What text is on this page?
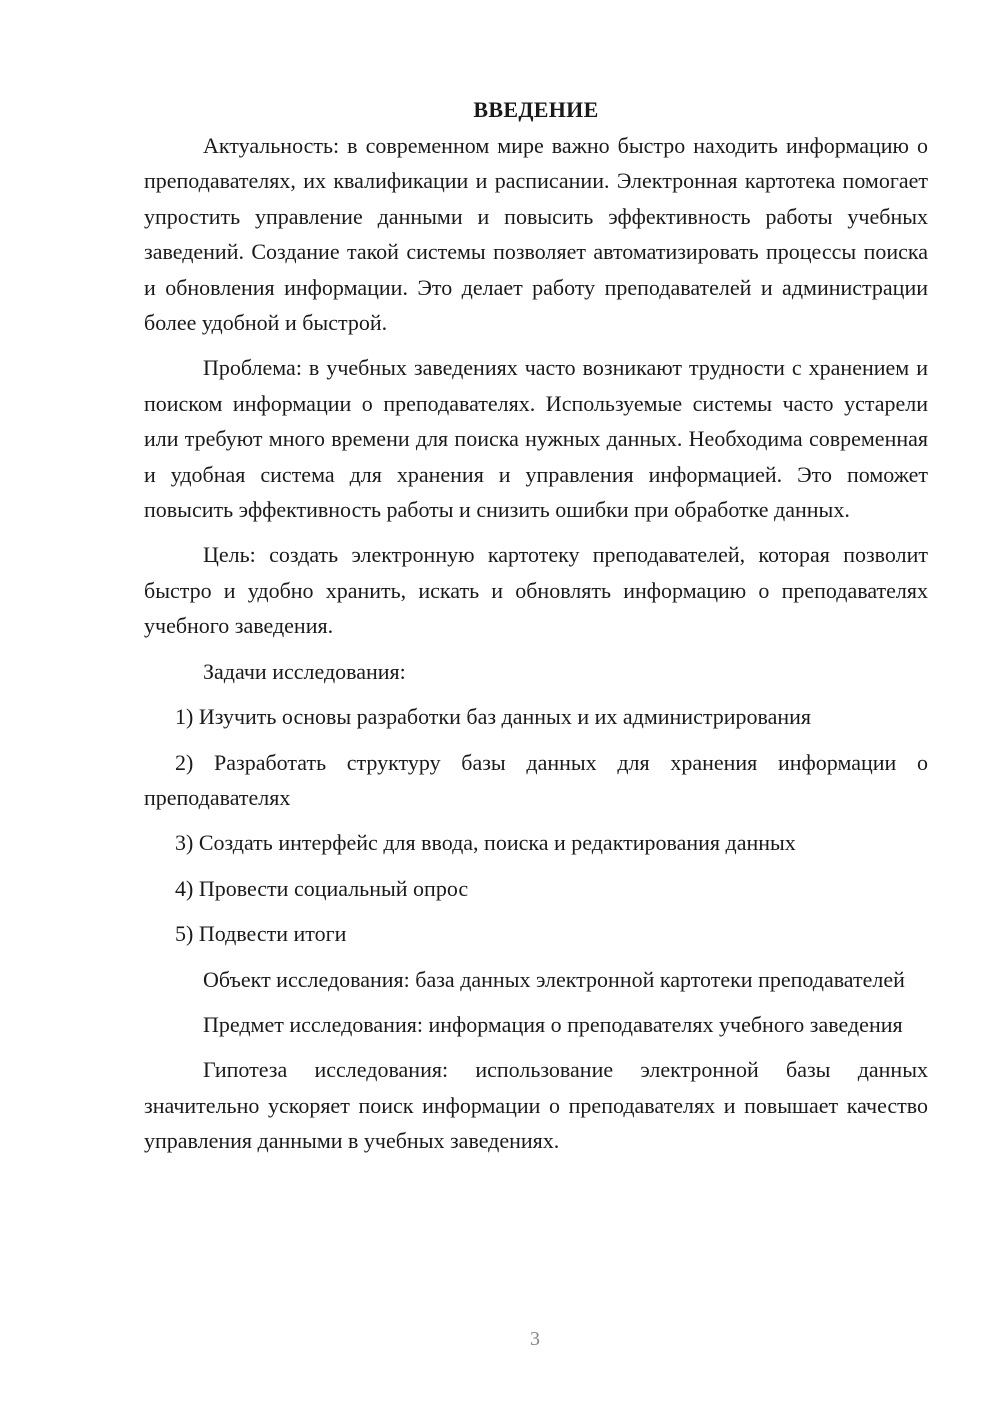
ВВЕДЕНИЕ

Актуальность: в современном мире важно быстро находить информацию о преподавателях, их квалификации и расписании. Электронная картотека помогает упростить управление данными и повысить эффективность работы учебных заведений. Создание такой системы позволяет автоматизировать процессы поиска и обновления информации. Это делает работу преподавателей и администрации более удобной и быстрой.

Проблема: в учебных заведениях часто возникают трудности с хранением и поиском информации о преподавателях. Используемые системы часто устарели или требуют много времени для поиска нужных данных. Необходима современная и удобная система для хранения и управления информацией. Это поможет повысить эффективность работы и снизить ошибки при обработке данных.

Цель: создать электронную картотеку преподавателей, которая позволит быстро и удобно хранить, искать и обновлять информацию о преподавателях учебного заведения.

Задачи исследования:

1) Изучить основы разработки баз данных и их администрирования

2) Разработать структуру базы данных для хранения информации о преподавателях

3) Создать интерфейс для ввода, поиска и редактирования данных

4) Провести социальный опрос

5) Подвести итоги

Объект исследования: база данных электронной картотеки преподавателей

Предмет исследования: информация о преподавателях учебного заведения

Гипотеза исследования: использование электронной базы данных значительно ускоряет поиск информации о преподавателях и повышает качество управления данными в учебных заведениях.

3
